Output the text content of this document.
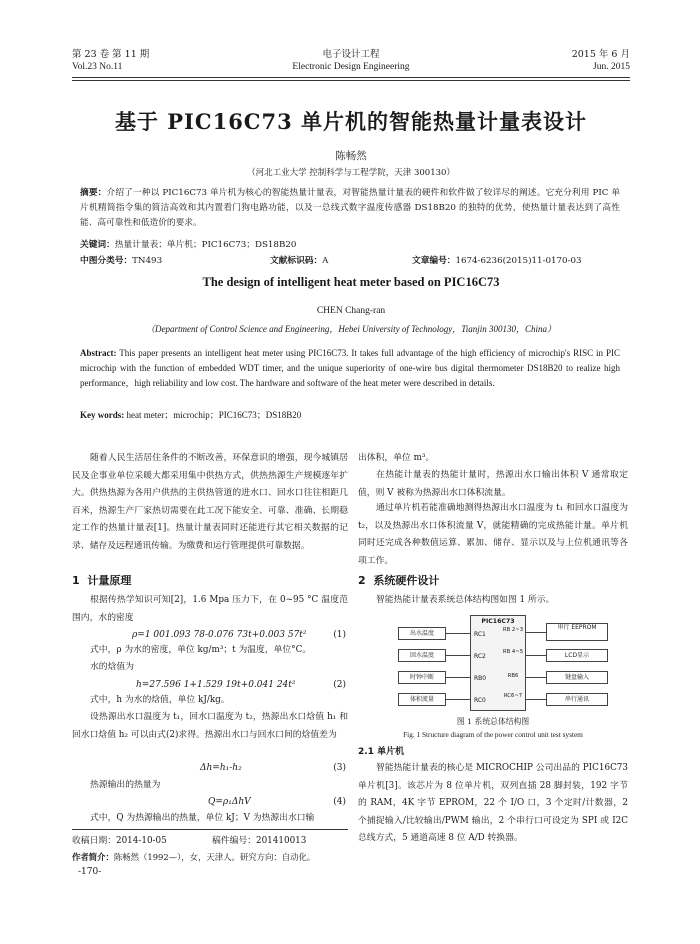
第 23 卷 第 11 期
Vol.23 No.11
电子设计工程
Electronic Design Engineering
2015 年 6 月
Jun. 2015
基于 PIC16C73 单片机的智能热量计量表设计
陈畅然
（河北工业大学 控制科学与工程学院，天津 300130）
摘要：介绍了一种以 PIC16C73 单片机为核心的智能热量计量表，对智能热量计量表的硬件和软件做了较详尽的阐述。它充分利用 PIC 单片机精简指令集的简洁高效和其内置看门狗电路功能，以及一总线式数字温度传感器 DS18B20 的独特的优势，使热量计量表达到了高性能、高可靠性和低造价的要求。
关键词：热量计量表；单片机；PIC16C73；DS18B20
中图分类号：TN493	文献标识码：A	文章编号：1674-6236(2015)11-0170-03
The design of intelligent heat meter based on PIC16C73
CHEN Chang-ran
（Department of Control Science and Engineering，Hebei University of Technology，Tianjin 300130，China）
Abstract: This paper presents an intelligent heat meter using PIC16C73. It takes full advantage of the high efficiency of microchip's RISC in PIC microchip with the function of embedded WDT timer, and the unique superiority of one-wire bus digital thermometer DS18B20 to realize high performance，high reliability and low cost. The hardware and software of the heat meter were described in details.
Key words: heat meter；microchip；PIC16C73；DS18B20
随着人民生活居住条件的不断改善，环保意识的增强，现今城镇居民及企事业单位采暖大都采用集中供热方式，供热热源生产规模逐年扩大。供热热源为各用户供热的主供热管道的进水口、回水口往往相距几百米，热源生产厂家热切需要在此工况下能安全、可靠、准确、长期稳定工作的热量计量表[1]。热量计量表同时还能进行其它相关数据的记录、储存及远程通讯传输。为缴费和运行管理提供可靠数据。
1 计量原理
根据传热学知识可知[2]，1.6 Mpa 压力下，在 0~95 °C 温度范围内，水的密度
ρ=1 001.093 78-0.076 73t+0.003 57t²	(1)
式中，ρ 为水的密度，单位 kg/m³；t 为温度，单位°C。
水的焓值为
h=27.596 1+1.529 19t+0.041 24t²	(2)
式中，h 为水的焓值，单位 kJ/kg。
设热源出水口温度为 t₁，回水口温度为 t₂，热源出水口焓值 h₁ 和回水口焓值 h₂ 可以由式(2)求得。热源出水口与回水口间的焓值差为
Δh=h₁-h₂	(3)
热源输出的热量为
Q=ρ₁ΔhV	(4)
式中，Q 为热源输出的热量，单位 kJ；V 为热源出水口输
收稿日期：2014-10-05	稿件编号：201410013
作者简介：陈畅然（1992—），女，天津人。研究方向：自动化。
-170-
出体积，单位 m³。
在热能计量表的热能计量时，热源出水口输出体积 V 通常取定值，则 V 被称为热源出水口体积流量。
通过单片机若能准确地测得热源出水口温度为 t₁ 和回水口温度为 t₂，以及热源出水口体积流量 V，就能精确的完成热能计量。单片机同时还完成各种数值运算、累加、储存、显示以及与上位机通讯等各项工作。
2 系统硬件设计
智能热能计量表系统总体结构图如图 1 所示。
PIC16C73
RC1
RC2
RB0
RC0
RB 2~3
RB 4~5
RB6
RC6~7
出水温度
回水温度
时钟中断
体积流量
串行 EEPROM
LCD显示
键盘输入
串行通讯
图 1 系统总体结构图
Fig. 1 Structure diagram of the power control unit test system
2.1 单片机
智能热能计量表的核心是 MICROCHIP 公司出品的 PIC16C73 单片机[3]。该芯片为 8 位单片机，双列直插 28 脚封装，192 字节的 RAM，4K 字节 EPROM，22 个 I/O 口，3 个定时/计数器，2 个捕捉输入/比较输出/PWM 输出，2 个串行口可设定为 SPI 或 I2C 总线方式，5 通道高速 8 位 A/D 转换器。
